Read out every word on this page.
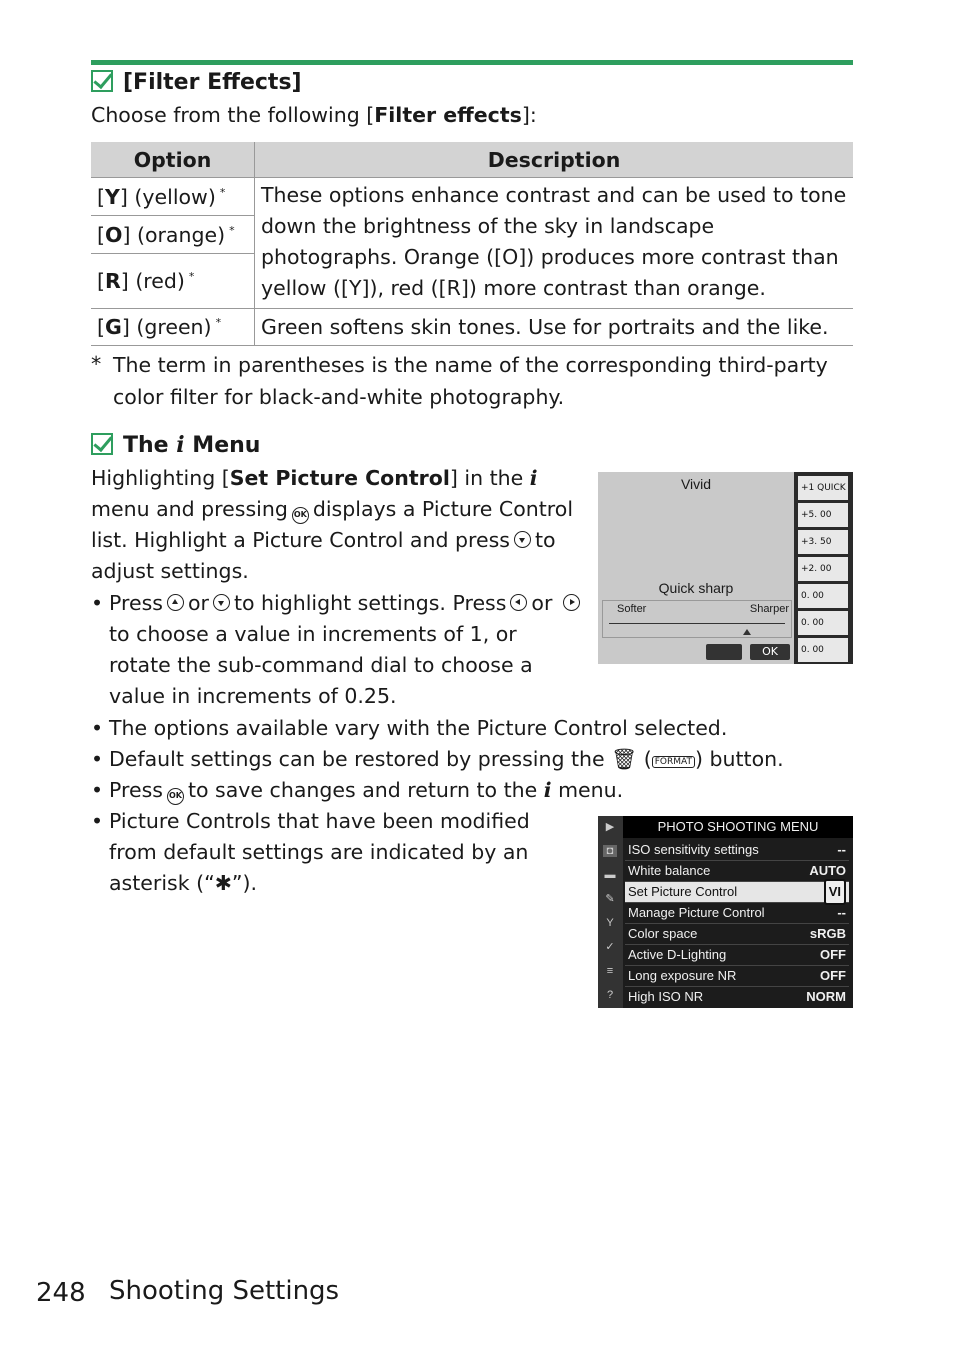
[Filter Effects]
Choose from the following [Filter effects]:
Option	Description
[Y] (yellow) *	These options enhance contrast and can be used to tone down the brightness of the sky in landscape photographs. Orange ([O]) produces more contrast than yellow ([Y]), red ([R]) more contrast than orange.
[O] (orange) *
[R] (red) *
[G] (green) *	Green softens skin tones. Use for portraits and the like.
* The term in parentheses is the name of the corresponding third-party color filter for black-and-white photography.
The i Menu
Highlighting [Set Picture Control] in the i
menu and pressing OK displays a Picture Control list. Highlight a Picture Control and press to adjust settings.
• Press or to highlight settings. Press or to choose a value in increments of 1, or rotate the sub-command dial to choose a value in increments of 0.25.
• The options available vary with the Picture Control selected.
• Default settings can be restored by pressing the 🗑 ( FORMAT ) button.
• Press OK to save changes and return to the i menu.
• Picture Controls that have been modified from default settings are indicated by an asterisk (“✱”).
Vivid
Quick sharp
Softer	Sharper
OK
+1 QUICK
+5. 00
+3. 50
+2. 00
0. 00
0. 00
0. 00
▶
◘
▬
✎
Y
✓
≡
?
PHOTO SHOOTING MENU
ISO sensitivity settings	--
White balance	AUTO
Set Picture Control	VI
Manage Picture Control	--
Color space	sRGB
Active D-Lighting	OFF
Long exposure NR	OFF
High ISO NR	NORM
248 Shooting Settings
